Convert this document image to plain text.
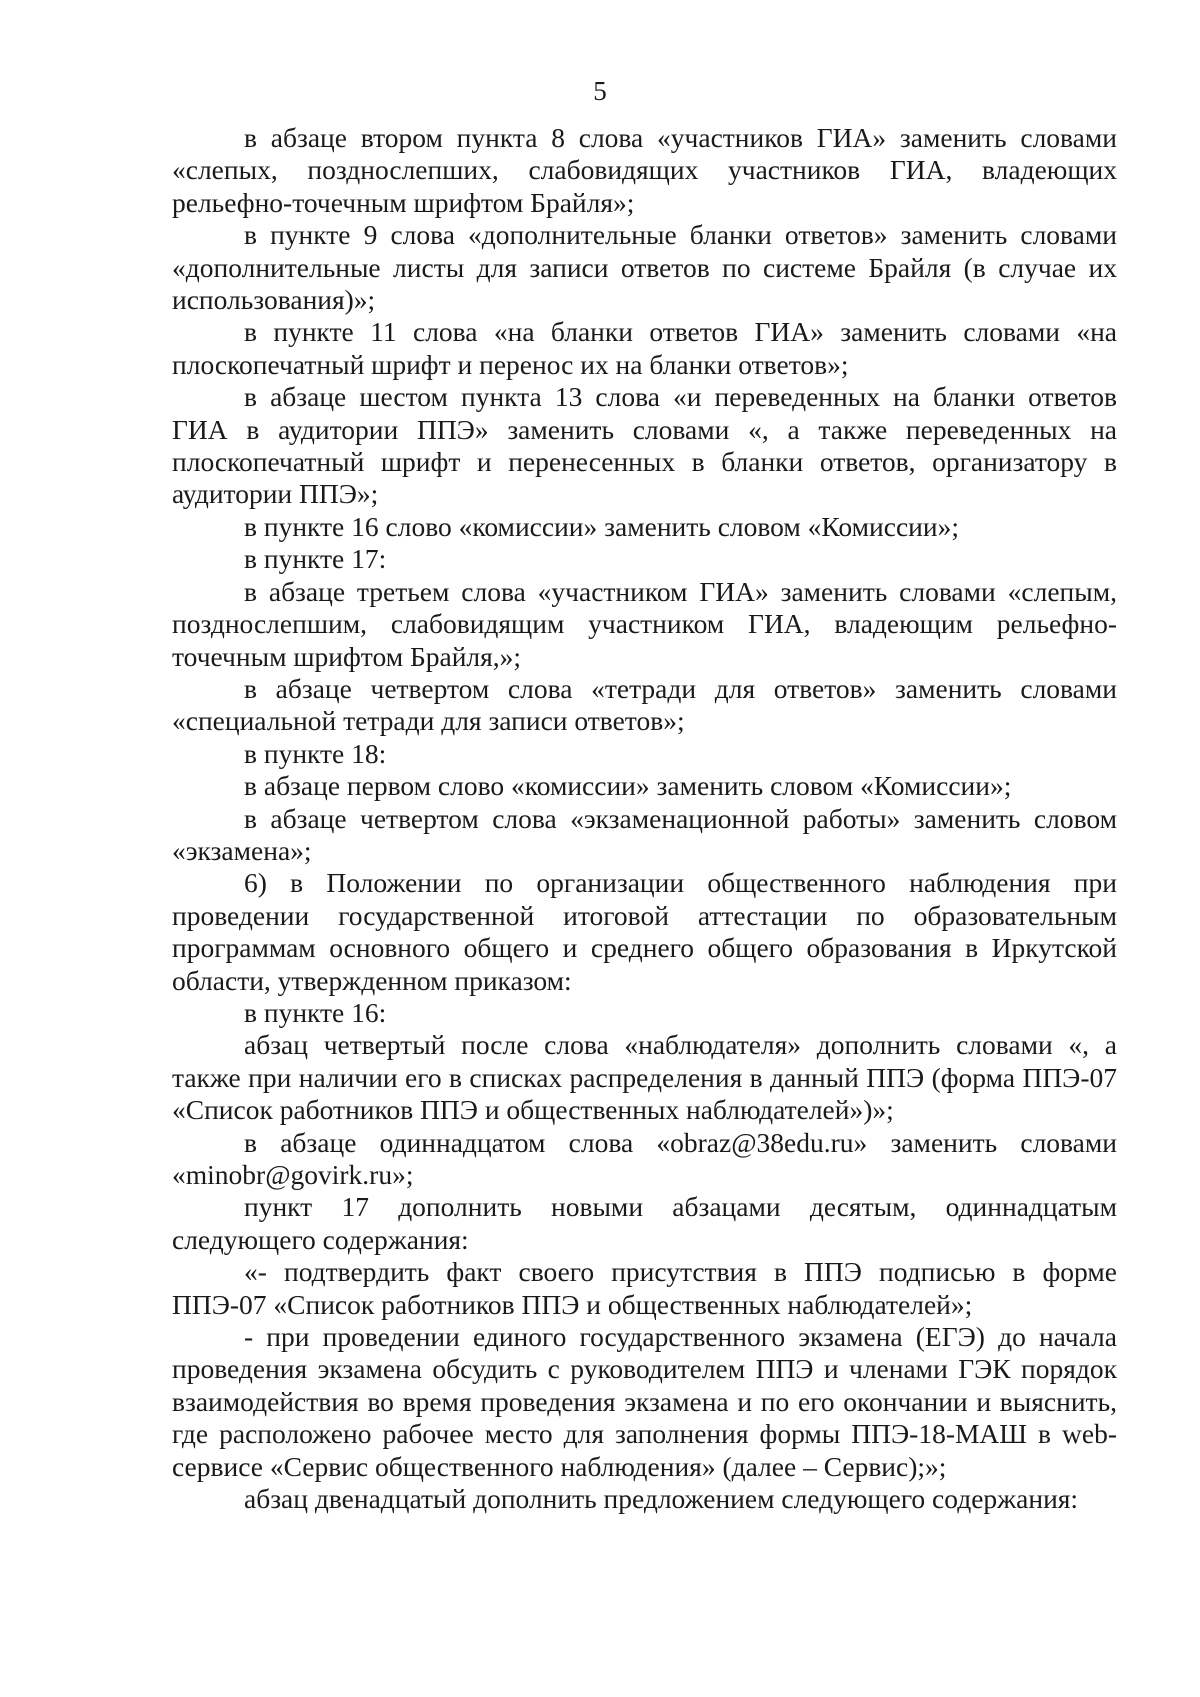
5

в абзаце втором пункта 8 слова «участников ГИА» заменить словами «слепых, позднослепших, слабовидящих участников ГИА, владеющих рельефно-точечным шрифтом Брайля»;

в пункте 9 слова «дополнительные бланки ответов» заменить словами «дополнительные листы для записи ответов по системе Брайля (в случае их использования)»;

в пункте 11 слова «на бланки ответов ГИА» заменить словами «на плоскопечатный шрифт и перенос их на бланки ответов»;

в абзаце шестом пункта 13 слова «и переведенных на бланки ответов ГИА в аудитории ППЭ» заменить словами «, а также переведенных на плоскопечатный шрифт и перенесенных в бланки ответов, организатору в аудитории ППЭ»;

в пункте 16 слово «комиссии» заменить словом «Комиссии»;

в пункте 17:

в абзаце третьем слова «участником ГИА» заменить словами «слепым, позднослепшим, слабовидящим участником ГИА, владеющим рельефно-точечным шрифтом Брайля,»;

в абзаце четвертом слова «тетради для ответов» заменить словами «специальной тетради для записи ответов»;

в пункте 18:

в абзаце первом слово «комиссии» заменить словом «Комиссии»;

в абзаце четвертом слова «экзаменационной работы» заменить словом «экзамена»;

6) в Положении по организации общественного наблюдения при проведении государственной итоговой аттестации по образовательным программам основного общего и среднего общего образования в Иркутской области, утвержденном приказом:

в пункте 16:

абзац четвертый после слова «наблюдателя» дополнить словами «, а также при наличии его в списках распределения в данный ППЭ (форма ППЭ-07 «Список работников ППЭ и общественных наблюдателей»)»;

в абзаце одиннадцатом слова «obraz@38edu.ru» заменить словами «minobr@govirk.ru»;

пункт 17 дополнить новыми абзацами десятым, одиннадцатым следующего содержания:

«- подтвердить факт своего присутствия в ППЭ подписью в форме ППЭ-07 «Список работников ППЭ и общественных наблюдателей»;

- при проведении единого государственного экзамена (ЕГЭ) до начала проведения экзамена обсудить с руководителем ППЭ и членами ГЭК порядок взаимодействия во время проведения экзамена и по его окончании и выяснить, где расположено рабочее место для заполнения формы ППЭ-18-МАШ в web-сервисе «Сервис общественного наблюдения» (далее – Сервис);»;

абзац двенадцатый дополнить предложением следующего содержания:
